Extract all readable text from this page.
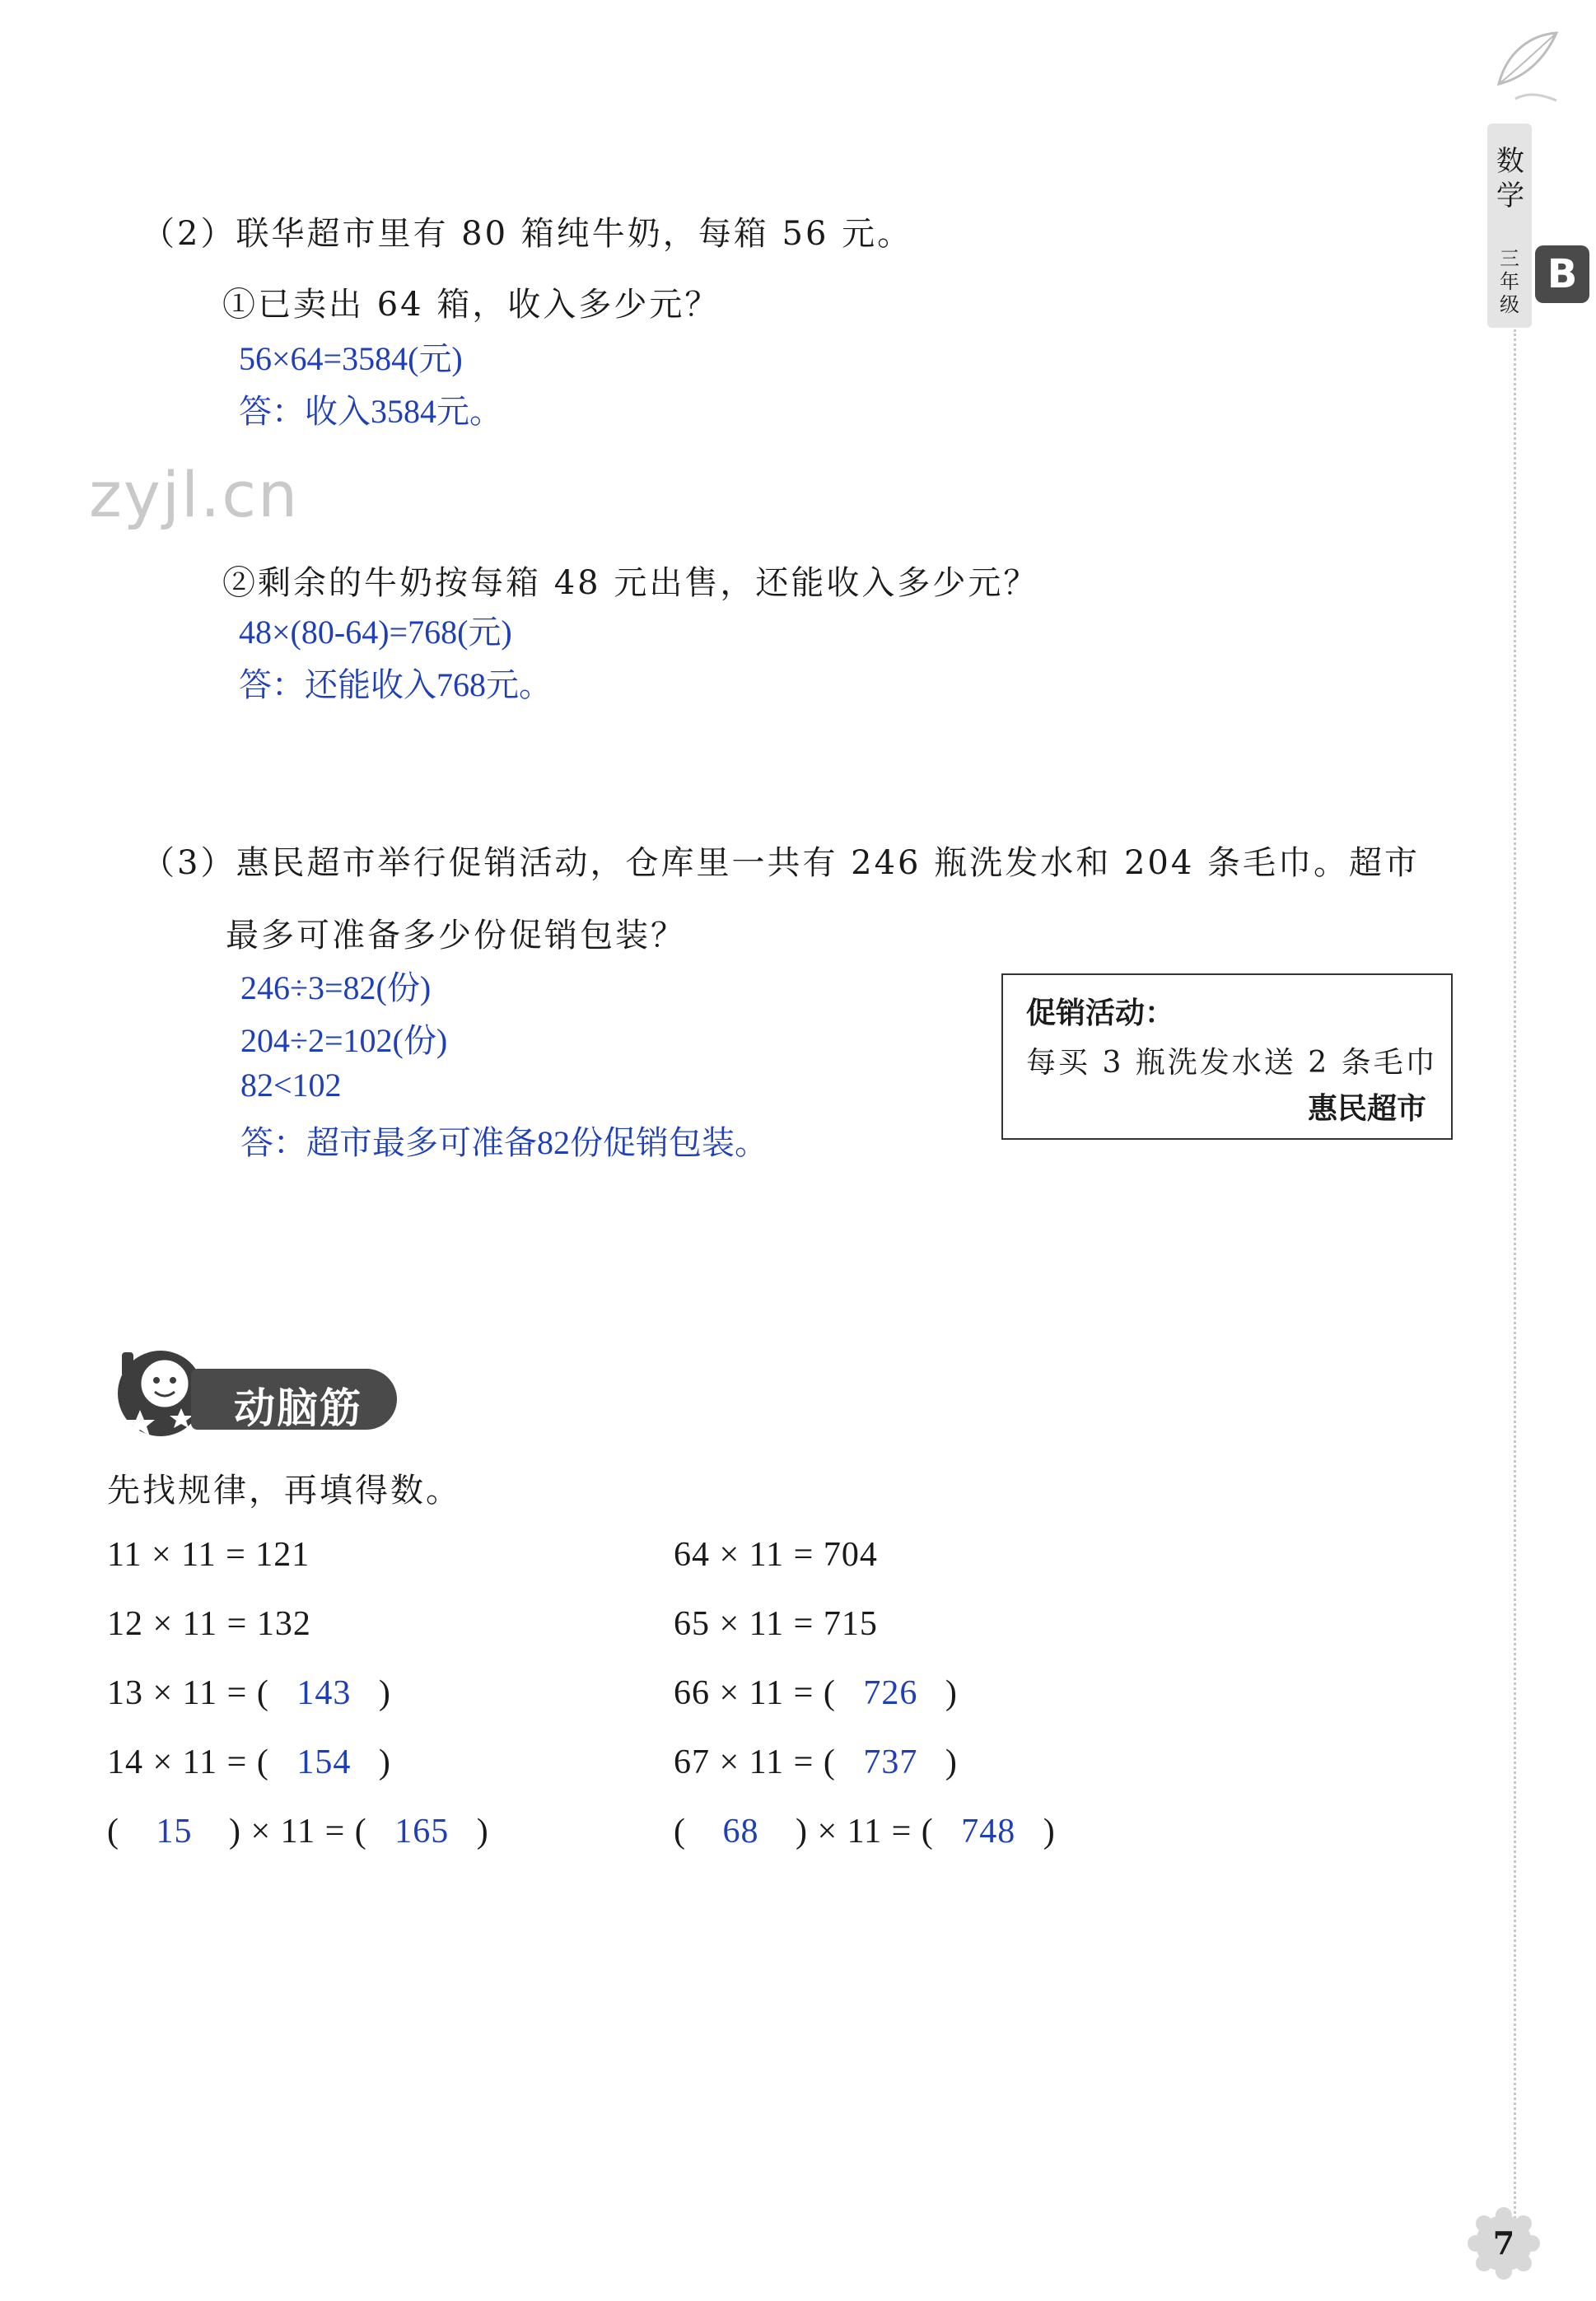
数学
三年级
B
zyjl.cn
（2）联华超市里有 80 箱纯牛奶，每箱 56 元。
①已卖出 64 箱，收入多少元？
56×64=3584(元)
答：收入3584元。
②剩余的牛奶按每箱 48 元出售，还能收入多少元？
48×(80-64)=768(元)
答：还能收入768元。
（3）惠民超市举行促销活动，仓库里一共有 246 瓶洗发水和 204 条毛巾。超市
最多可准备多少份促销包装？
246÷3=82(份)
204÷2=102(份)
82<102
答：超市最多可准备82份促销包装。
促销活动：
每买 3 瓶洗发水送 2 条毛巾
惠民超市
动脑筋
先找规律，再填得数。
11 × 11 = 121
12 × 11 = 132
13 × 11 = ( 143 )
14 × 11 = ( 154 )
( 15 ) × 11 = ( 165 )
64 × 11 = 704
65 × 11 = 715
66 × 11 = ( 726 )
67 × 11 = ( 737 )
( 68 ) × 11 = ( 748 )
7
